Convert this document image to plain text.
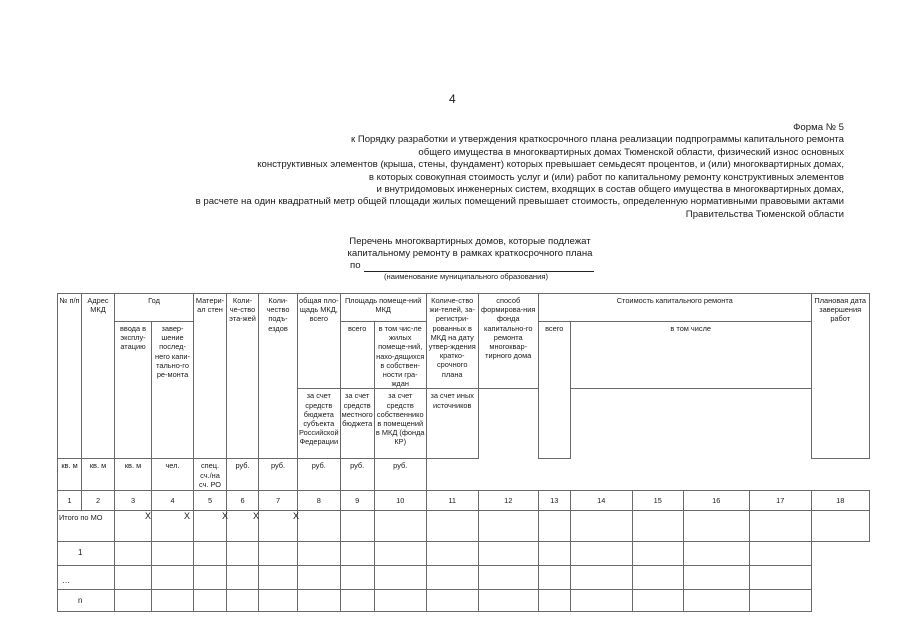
4
Форма № 5
к Порядку разработки и утверждения краткосрочного плана реализации подпрограммы капитального ремонта
общего имущества в многоквартирных домах Тюменской области, физический износ основных
конструктивных элементов (крыша, стены, фундамент) которых превышает семьдесят процентов, и (или) многоквартирных домах,
в которых совокупная стоимость услуг и (или) работ по капитальному ремонту конструктивных элементов
и внутридомовых инженерных систем, входящих в состав общего имущества в многоквартирных домах,
в расчете на один квадратный метр общей площади жилых помещений превышает стоимость, определенную нормативными правовыми актами
Правительства Тюменской области
Перечень многоквартирных домов, которые подлежат
капитальному ремонту в рамках краткосрочного плана
по
(наименование муниципального образования)
№ п/п	Адрес МКД	Год		Матери-ал стен	Коли-че-ство эта-жей	Коли-чество подъ-ездов	общая пло-щадь МКД, всего	Площадь помеще-ний МКД		Количе-ство жи-телей, за-регистри-рованных в МКД на дату утвер-ждения кратко-срочного плана	способ формирова-ния фонда капитально-го ремонта многоквар-тирного дома	Стоимость капитального ремонта					Плановая дата завершения работ
		ввода в эксплу-атацию	завер-шение послед-него капи-тально-го ре-монта					всего	в том чис-ле жилых помеще-ний, нахо-дящихся в собствен-ности гра-ждан			всего	в том числе				
							за счет средств бюджета субъекта Российской Федерации	за счет средств местного бюджета	за счет средств собственнико в помещений в МКД (фонда КР)	за счет иных источников							
кв. м	кв. м	кв. м	чел.	спец. сч./на сч. РО	руб.	руб.	руб.	руб.	руб.								
1	2	3	4	5	6	7	8	9	10	11	12	13	14	15	16	17	18
Итого по МО		X	X	X	X	X											

1																	

…																	

n																	
